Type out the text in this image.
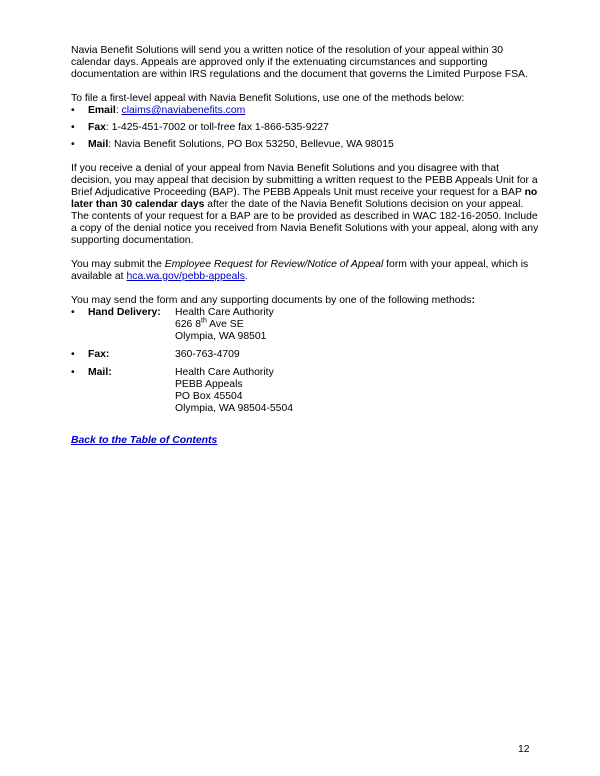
Navia Benefit Solutions will send you a written notice of the resolution of your appeal within 30 calendar days. Appeals are approved only if the extenuating circumstances and supporting documentation are within IRS regulations and the document that governs the Limited Purpose FSA.

To file a first-level appeal with Navia Benefit Solutions, use one of the methods below:

• Email: claims@naviabenefits.com
• Fax: 1-425-451-7002 or toll-free fax 1-866-535-9227
• Mail: Navia Benefit Solutions, PO Box 53250, Bellevue, WA 98015

If you receive a denial of your appeal from Navia Benefit Solutions and you disagree with that decision, you may appeal that decision by submitting a written request to the PEBB Appeals Unit for a Brief Adjudicative Proceeding (BAP). The PEBB Appeals Unit must receive your request for a BAP no later than 30 calendar days after the date of the Navia Benefit Solutions decision on your appeal. The contents of your request for a BAP are to be provided as described in WAC 182-16-2050. Include a copy of the denial notice you received from Navia Benefit Solutions with your appeal, along with any supporting documentation.

You may submit the Employee Request for Review/Notice of Appeal form with your appeal, which is available at hca.wa.gov/pebb-appeals.

You may send the form and any supporting documents by one of the following methods:

• Hand Delivery: Health Care Authority
626 8th Ave SE
Olympia, WA 98501
• Fax:	360-763-4709
• Mail:	Health Care Authority
PEBB Appeals
PO Box 45504
Olympia, WA 98504-5504

Back to the Table of Contents

12
